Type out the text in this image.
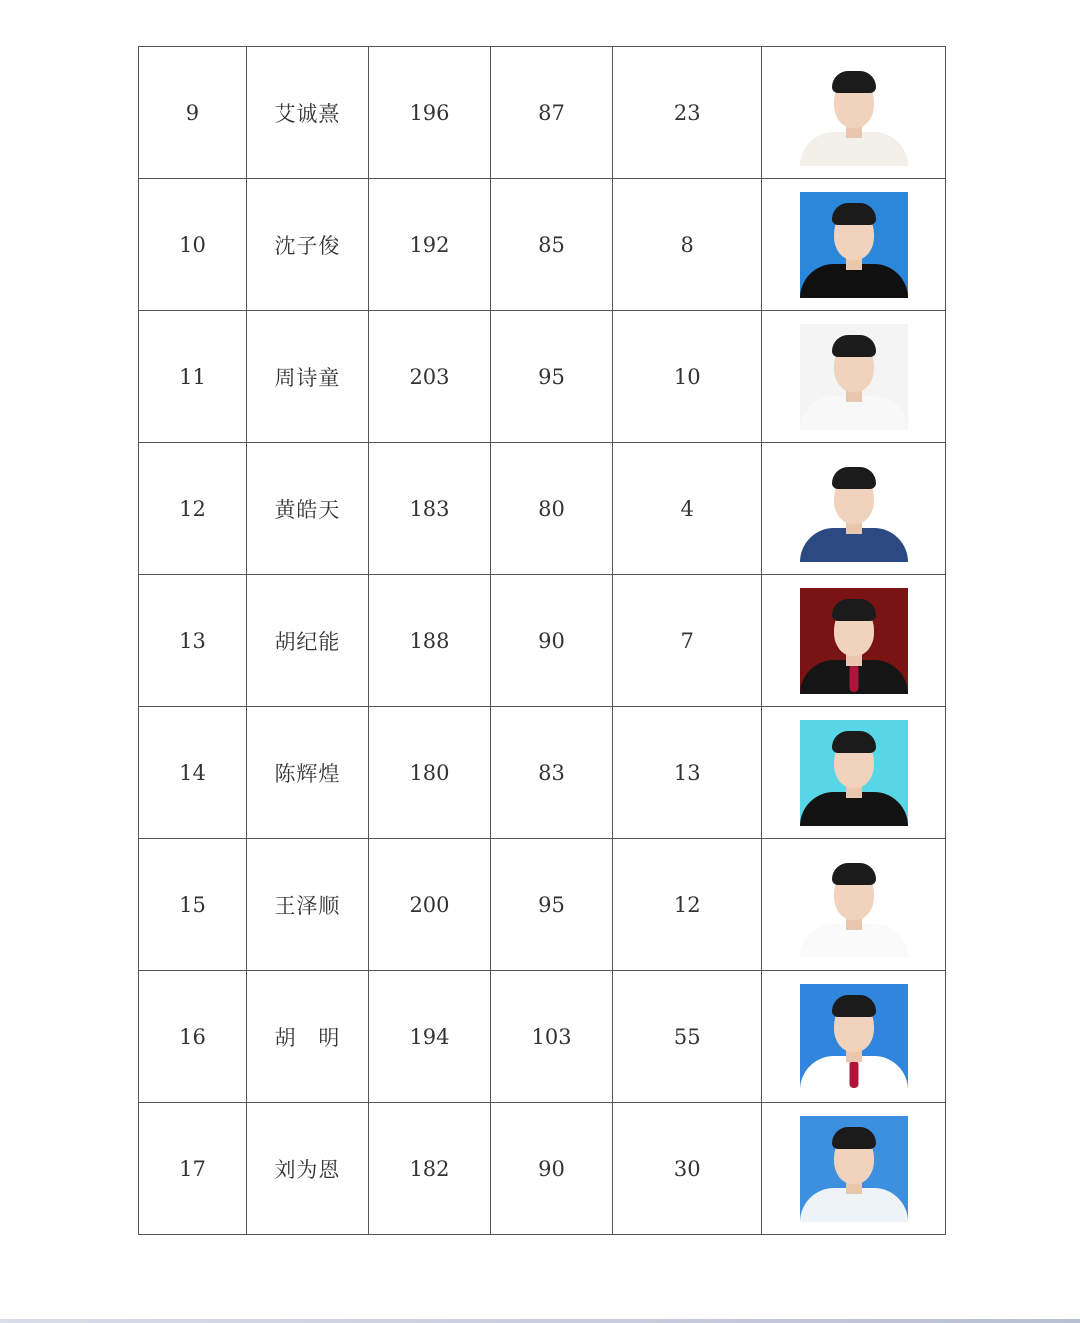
9	艾诚熹	196	87	23	

10	沈子俊	192	85	8	

11	周诗童	203	95	10	

12	黄皓天	183	80	4	

13	胡纪能	188	90	7	

14	陈辉煌	180	83	13	

15	王泽顺	200	95	12	

16	胡　明	194	103	55	

17	刘为恩	182	90	30	
